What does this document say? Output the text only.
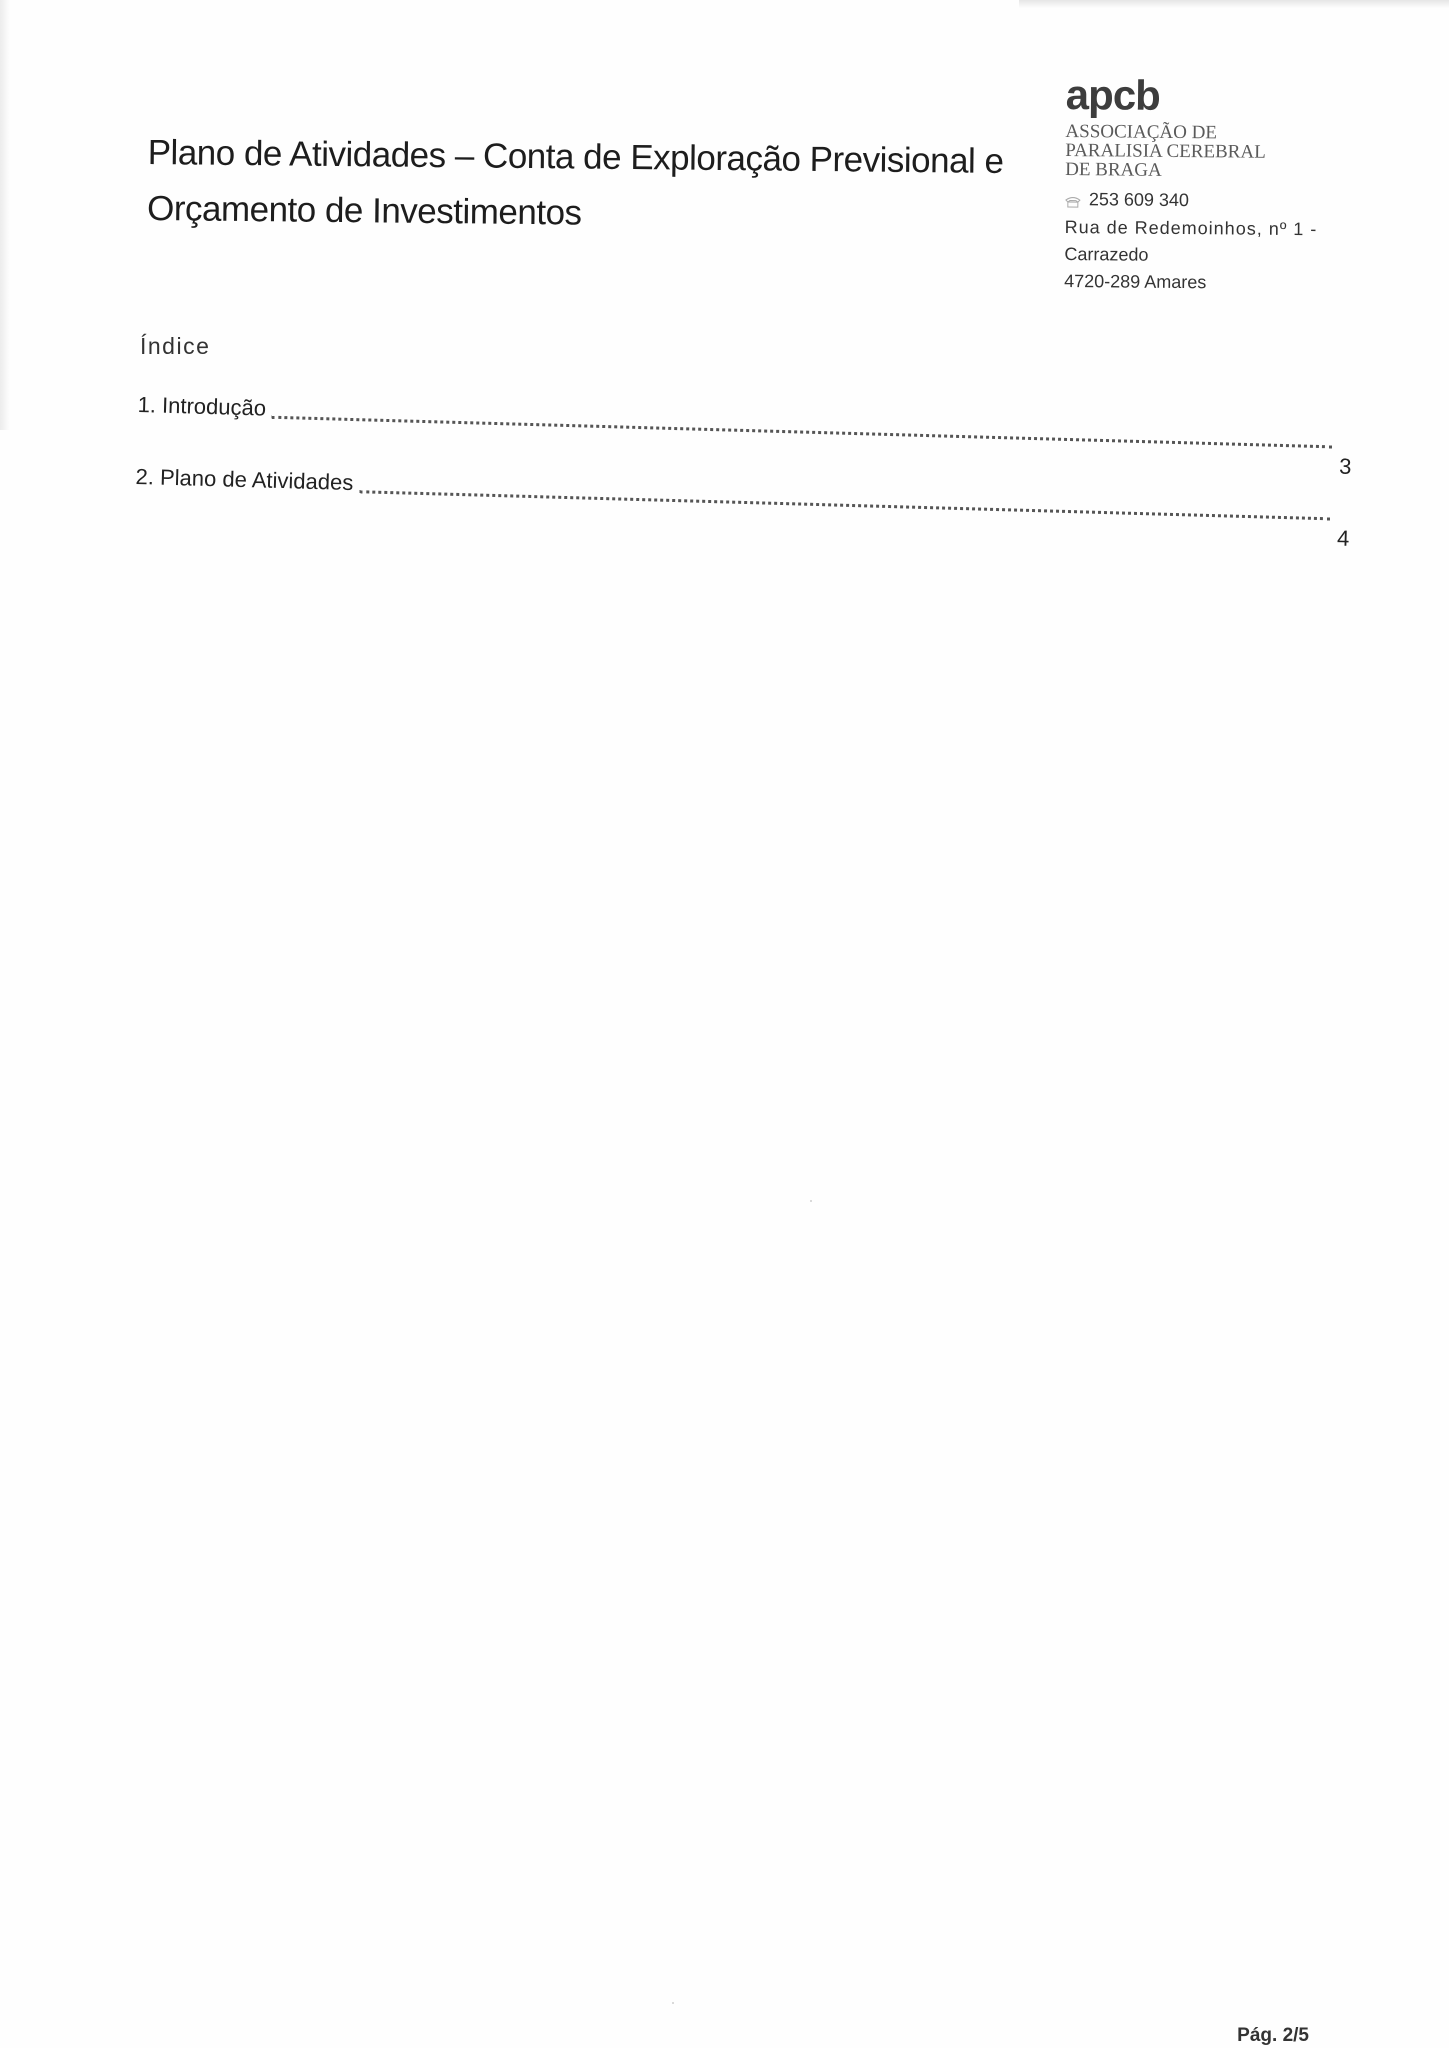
Plano de Atividades – Conta de Exploração Previsional e
Orçamento de Investimentos
apcb
ASSOCIAÇÃO DE
PARALISIA CEREBRAL
DE BRAGA
253 609 340
Rua de Redemoinhos, nº 1 -
Carrazedo
4720-289 Amares
Índice
1. Introdução
3
2. Plano de Atividades
4
Pág. 2/5
